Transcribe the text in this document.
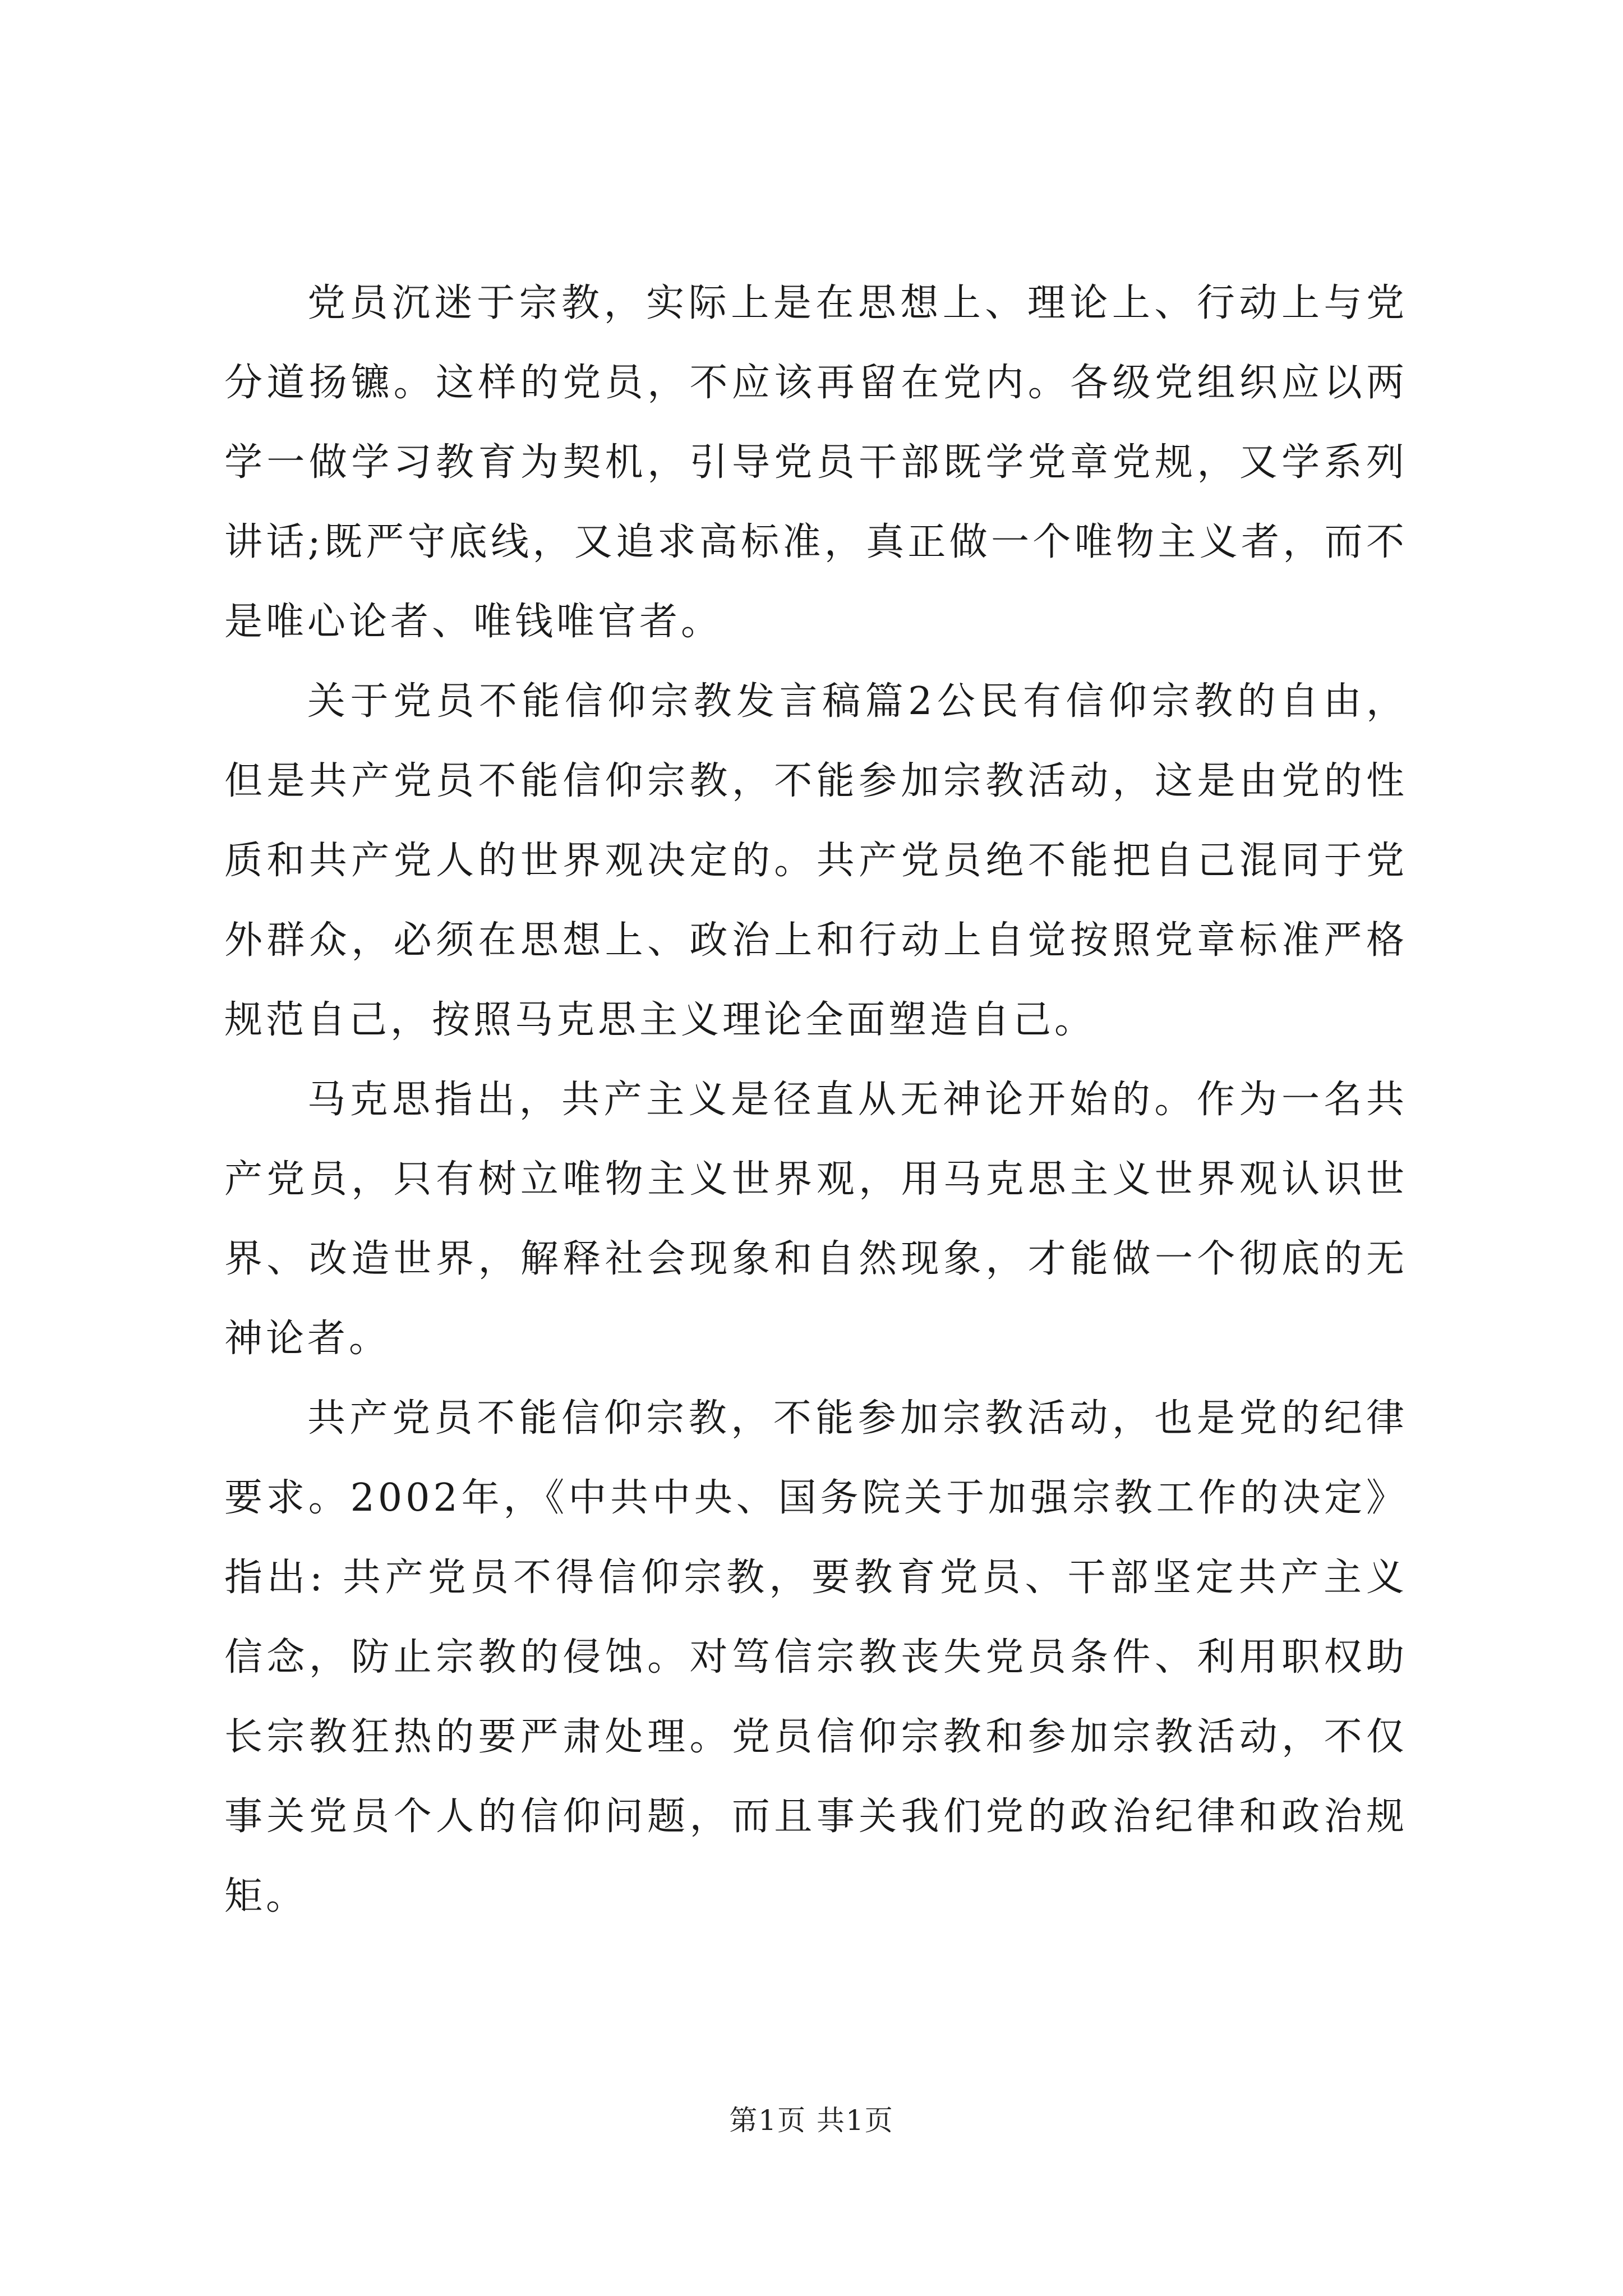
党员沉迷于宗教，实际上是在思想上、理论上、行动上与党分道扬镳。这样的党员，不应该再留在党内。各级党组织应以两学一做学习教育为契机，引导党员干部既学党章党规，又学系列讲话;既严守底线，又追求高标准，真正做一个唯物主义者，而不是唯心论者、唯钱唯官者。

关于党员不能信仰宗教发言稿篇2公民有信仰宗教的自由，但是共产党员不能信仰宗教，不能参加宗教活动，这是由党的性质和共产党人的世界观决定的。共产党员绝不能把自己混同于党外群众，必须在思想上、政治上和行动上自觉按照党章标准严格规范自己，按照马克思主义理论全面塑造自己。

马克思指出，共产主义是径直从无神论开始的。作为一名共产党员，只有树立唯物主义世界观，用马克思主义世界观认识世界、改造世界，解释社会现象和自然现象，才能做一个彻底的无神论者。

共产党员不能信仰宗教，不能参加宗教活动，也是党的纪律要求。2002年，《中共中央、国务院关于加强宗教工作的决定》指出: 共产党员不得信仰宗教，要教育党员、干部坚定共产主义信念，防止宗教的侵蚀。对笃信宗教丧失党员条件、利用职权助长宗教狂热的要严肃处理。党员信仰宗教和参加宗教活动，不仅事关党员个人的信仰问题，而且事关我们党的政治纪律和政治规矩。

第1页 共1页
